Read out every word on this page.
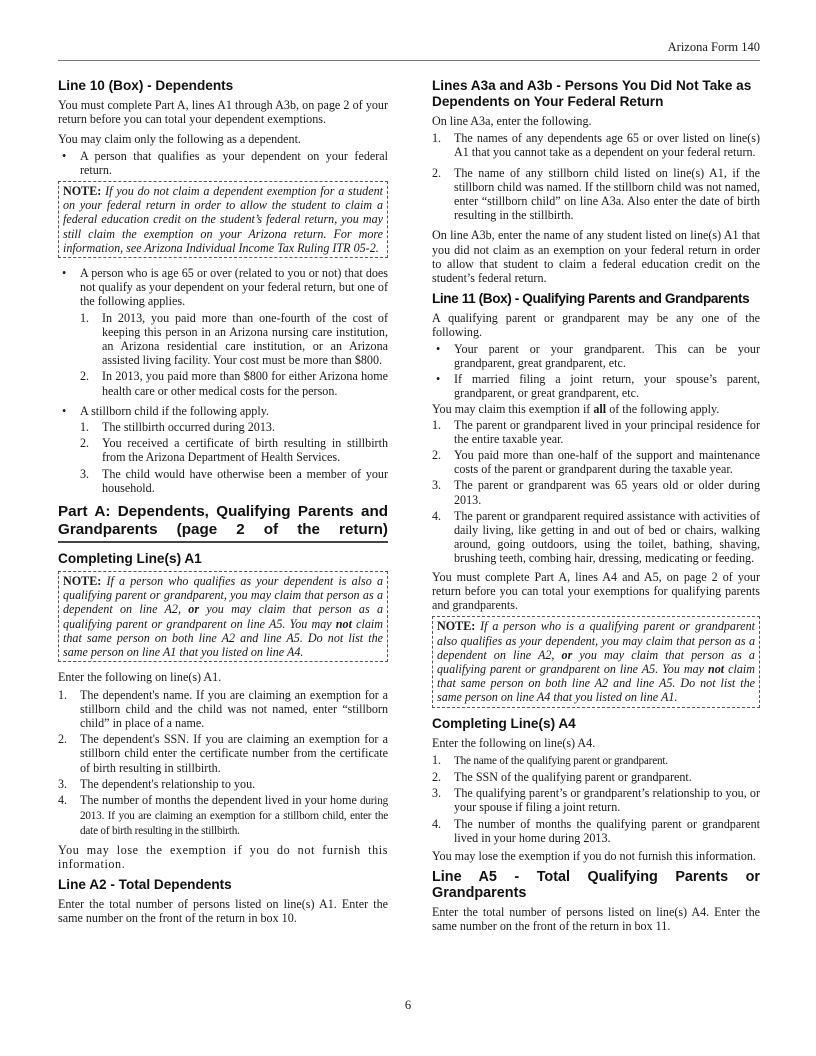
Arizona Form 140
Line 10 (Box) - Dependents

You must complete Part A, lines A1 through A3b, on page 2 of your return before you can total your dependent exemptions.

You may claim only the following as a dependent.

•	A person that qualifies as your dependent on your federal return.
NOTE: If you do not claim a dependent exemption for a student on your federal return in order to allow the student to claim a federal education credit on the student’s federal return, you may still claim the exemption on your Arizona return. For more information, see Arizona Individual Income Tax Ruling ITR 05-2.
•	A person who is age 65 or over (related to you or not) that does not qualify as your dependent on your federal return, but one of the following applies.
1.	In 2013, you paid more than one-fourth of the cost of keeping this person in an Arizona nursing care institution, an Arizona residential care institution, or an Arizona assisted living facility. Your cost must be more than $800.
2.	In 2013, you paid more than $800 for either Arizona home health care or other medical costs for the person.
•	A stillborn child if the following apply.
1.	The stillbirth occurred during 2013.
2.	You received a certificate of birth resulting in stillbirth from the Arizona Department of Health Services.
3.	The child would have otherwise been a member of your household.
Part A: Dependents, Qualifying Parents and Grandparents (page 2 of the return)
Completing Line(s) A1
NOTE: If a person who qualifies as your dependent is also a qualifying parent or grandparent, you may claim that person as a dependent on line A2, or you may claim that person as a qualifying parent or grandparent on line A5. You may not claim that same person on both line A2 and line A5. Do not list the same person on line A1 that you listed on line A4.

Enter the following on line(s) A1.

1.	The dependent's name. If you are claiming an exemption for a stillborn child and the child was not named, enter “stillborn child” in place of a name.
2.	The dependent's SSN. If you are claiming an exemption for a stillborn child enter the certificate number from the certificate of birth resulting in stillbirth.
3.	The dependent's relationship to you.
4.	The number of months the dependent lived in your home during 2013. If you are claiming an exemption for a stillborn child, enter the date of birth resulting in the stillbirth.

You may lose the exemption if you do not furnish this information.

Line A2 - Total Dependents

Enter the total number of persons listed on line(s) A1. Enter the same number on the front of the return in box 10.

Lines A3a and A3b - Persons You Did Not Take as Dependents on Your Federal Return

On line A3a, enter the following.

1.	The names of any dependents age 65 or over listed on line(s) A1 that you cannot take as a dependent on your federal return.
2.	The name of any stillborn child listed on line(s) A1, if the stillborn child was named. If the stillborn child was not named, enter “stillborn child” on line A3a. Also enter the date of birth resulting in the stillbirth.

On line A3b, enter the name of any student listed on line(s) A1 that you did not claim as an exemption on your federal return in order to allow that student to claim a federal education credit on the student’s federal return.

Line 11 (Box) - Qualifying Parents and Grandparents

A qualifying parent or grandparent may be any one of the following.

•	Your parent or your grandparent. This can be your grandparent, great grandparent, etc.
•	If married filing a joint return, your spouse’s parent, grandparent, or great grandparent, etc.

You may claim this exemption if all of the following apply.

1.	The parent or grandparent lived in your principal residence for the entire taxable year.
2.	You paid more than one-half of the support and maintenance costs of the parent or grandparent during the taxable year.
3.	The parent or grandparent was 65 years old or older during 2013.
4.	The parent or grandparent required assistance with activities of daily living, like getting in and out of bed or chairs, walking around, going outdoors, using the toilet, bathing, shaving, brushing teeth, combing hair, dressing, medicating or feeding.

You must complete Part A, lines A4 and A5, on page 2 of your return before you can total your exemptions for qualifying parents and grandparents.

NOTE: If a person who is a qualifying parent or grandparent also qualifies as your dependent, you may claim that person as a dependent on line A2, or you may claim that person as a qualifying parent or grandparent on line A5. You may not claim that same person on both line A2 and line A5. Do not list the same person on line A4 that you listed on line A1.
Completing Line(s) A4

Enter the following on line(s) A4.

1.	The name of the qualifying parent or grandparent.
2.	The SSN of the qualifying parent or grandparent.
3.	The qualifying parent’s or grandparent’s relationship to you, or your spouse if filing a joint return.
4.	The number of months the qualifying parent or grandparent lived in your home during 2013.

You may lose the exemption if you do not furnish this information.

Line A5 - Total Qualifying Parents or Grandparents

Enter the total number of persons listed on line(s) A4. Enter the same number on the front of the return in box 11.

6
